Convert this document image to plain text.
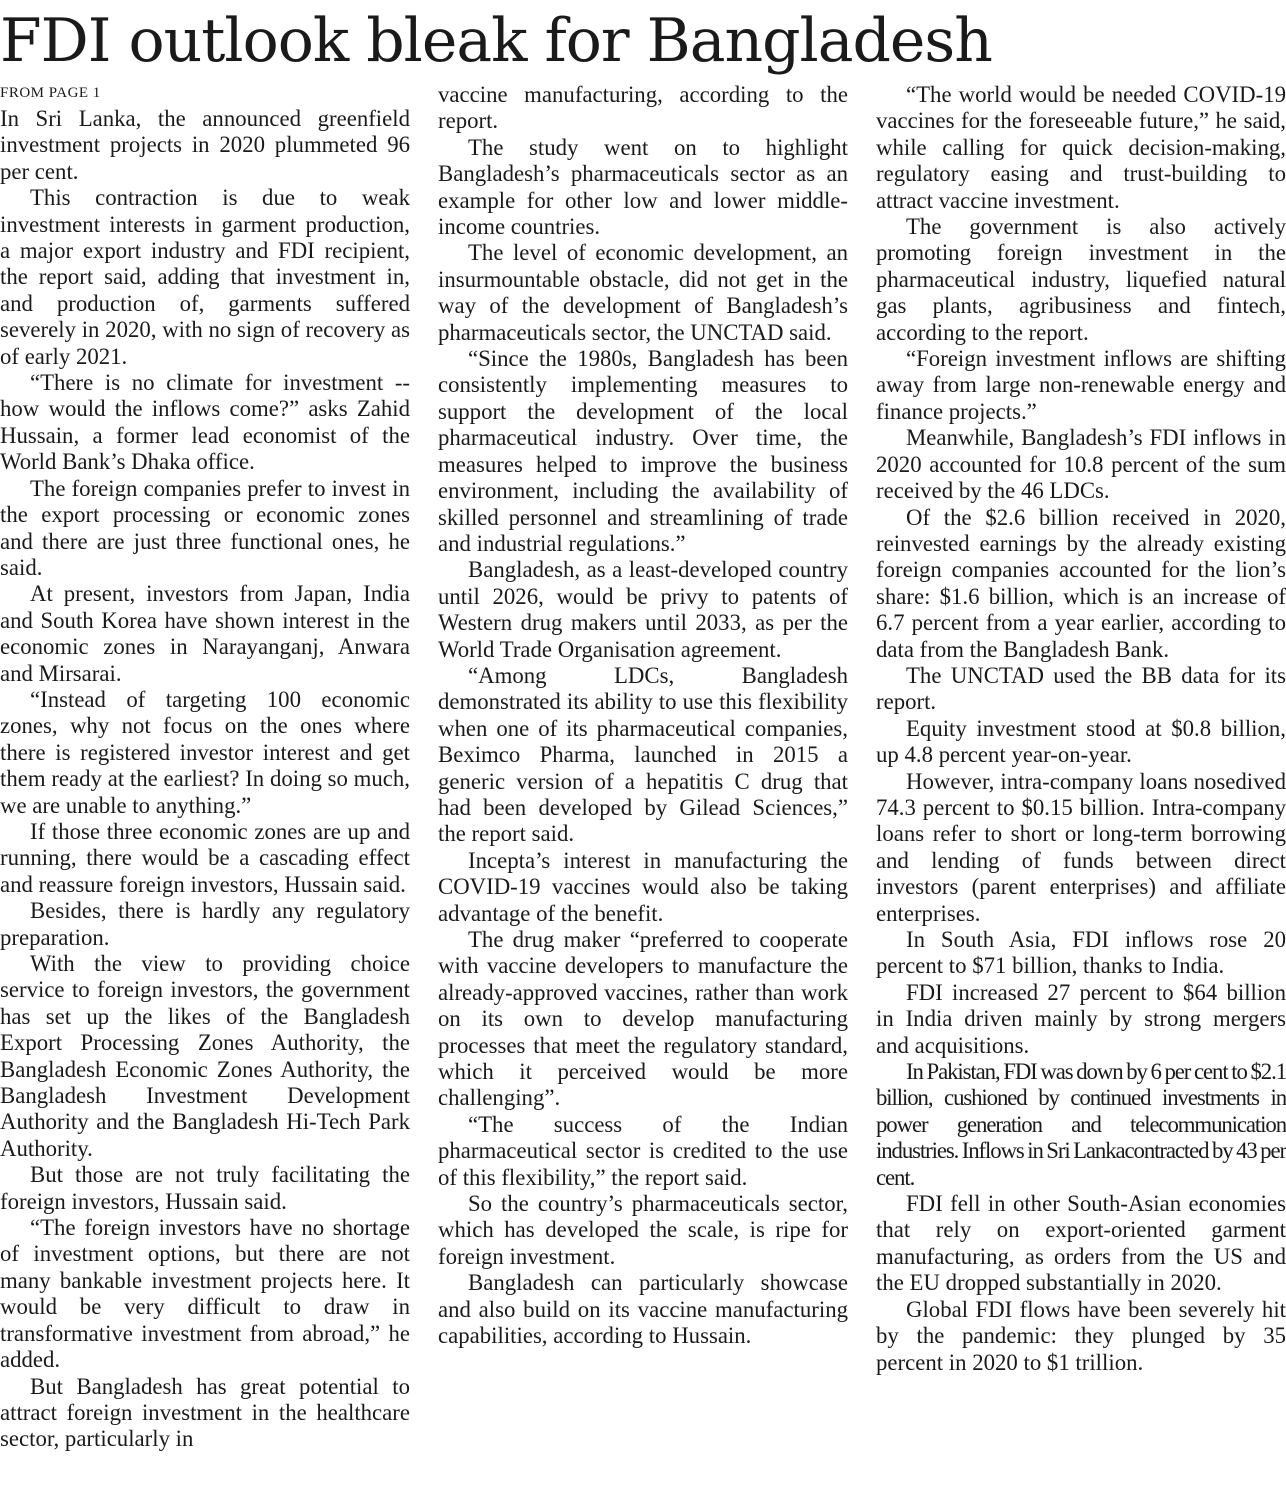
FDI outlook bleak for Bangladesh
FROM PAGE 1

In Sri Lanka, the announced greenfield investment projects in 2020 plummeted 96 per cent.

This contraction is due to weak investment interests in garment production, a major export industry and FDI recipient, the report said, adding that investment in, and production of, garments suffered severely in 2020, with no sign of recovery as of early 2021.

“There is no climate for investment -- how would the inflows come?” asks Zahid Hussain, a former lead economist of the World Bank’s Dhaka office.

The foreign companies prefer to invest in the export processing or economic zones and there are just three functional ones, he said.

At present, investors from Japan, India and South Korea have shown interest in the economic zones in Narayanganj, Anwara and Mirsarai.

“Instead of targeting 100 economic zones, why not focus on the ones where there is registered investor interest and get them ready at the earliest? In doing so much, we are unable to anything.”

If those three economic zones are up and running, there would be a cascading effect and reassure foreign investors, Hussain said.

Besides, there is hardly any regulatory preparation.

With the view to providing choice service to foreign investors, the government has set up the likes of the Bangladesh Export Processing Zones Authority, the Bangladesh Economic Zones Authority, the Bangladesh Investment Development Authority and the Bangladesh Hi-Tech Park Authority.

But those are not truly facilitating the foreign investors, Hussain said.

“The foreign investors have no shortage of investment options, but there are not many bankable investment projects here. It would be very difficult to draw in transformative investment from abroad,” he added.

But Bangladesh has great potential to attract foreign investment in the healthcare sector, particularly in

vaccine manufacturing, according to the report.

The study went on to highlight Bangladesh’s pharmaceuticals sector as an example for other low and lower middle-income countries.

The level of economic development, an insurmountable obstacle, did not get in the way of the development of Bangladesh’s pharmaceuticals sector, the UNCTAD said.

“Since the 1980s, Bangladesh has been consistently implementing measures to support the development of the local pharmaceutical industry. Over time, the measures helped to improve the business environment, including the availability of skilled personnel and streamlining of trade and industrial regulations.”

Bangladesh, as a least-developed country until 2026, would be privy to patents of Western drug makers until 2033, as per the World Trade Organisation agreement.

“Among LDCs, Bangladesh demonstrated its ability to use this flexibility when one of its pharmaceutical companies, Beximco Pharma, launched in 2015 a generic version of a hepatitis C drug that had been developed by Gilead Sciences,” the report said.

Incepta’s interest in manufacturing the COVID-19 vaccines would also be taking advantage of the benefit.

The drug maker “preferred to cooperate with vaccine developers to manufacture the already-approved vaccines, rather than work on its own to develop manufacturing processes that meet the regulatory standard, which it perceived would be more challenging”.

“The success of the Indian pharmaceutical sector is credited to the use of this flexibility,” the report said.

So the country’s pharmaceuticals sector, which has developed the scale, is ripe for foreign investment.

Bangladesh can particularly showcase and also build on its vaccine manufacturing capabilities, according to Hussain.

“The world would be needed COVID-19 vaccines for the foreseeable future,” he said, while calling for quick decision-making, regulatory easing and trust-building to attract vaccine investment.

The government is also actively promoting foreign investment in the pharmaceutical industry, liquefied natural gas plants, agribusiness and fintech, according to the report.

“Foreign investment inflows are shifting away from large non-renewable energy and finance projects.”

Meanwhile, Bangladesh’s FDI inflows in 2020 accounted for 10.8 percent of the sum received by the 46 LDCs.

Of the $2.6 billion received in 2020, reinvested earnings by the already existing foreign companies accounted for the lion’s share: $1.6 billion, which is an increase of 6.7 percent from a year earlier, according to data from the Bangladesh Bank.

The UNCTAD used the BB data for its report.

Equity investment stood at $0.8 billion, up 4.8 percent year-on-year.

However, intra-company loans nosedived 74.3 percent to $0.15 billion. Intra-company loans refer to short or long-term borrowing and lending of funds between direct investors (parent enterprises) and affiliate enterprises.

In South Asia, FDI inflows rose 20 percent to $71 billion, thanks to India.

FDI increased 27 percent to $64 billion in India driven mainly by strong mergers and acquisitions.

In Pakistan, FDI was down by 6 per cent to $2.1 billion, cushioned by continued investments in power generation and telecommunication industries. Inflows in Sri Lankacontracted by 43 per cent.

FDI fell in other South-Asian economies that rely on export-oriented garment manufacturing, as orders from the US and the EU dropped substantially in 2020.

Global FDI flows have been severely hit by the pandemic: they plunged by 35 percent in 2020 to $1 trillion.
